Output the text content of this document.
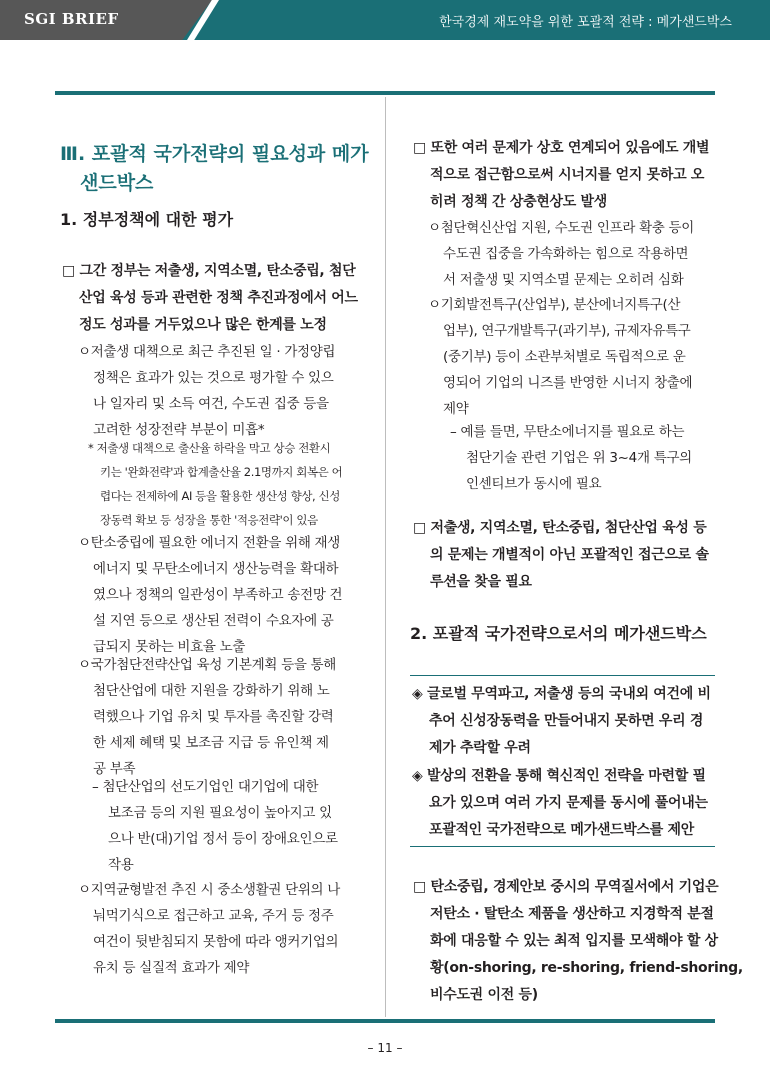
SGI BRIEF	한국경제 재도약을 위한 포괄적 전략 : 메가샌드박스
Ⅲ. 포괄적 국가전략의 필요성과 메가
샌드박스
1. 정부정책에 대한 평가
□ 그간 정부는 저출생, 지역소멸, 탄소중립, 첨단
산업 육성 등과 관련한 정책 추진과정에서 어느
정도 성과를 거두었으나 많은 한계를 노정
ㅇ저출생 대책으로 최근 추진된 일 · 가정양립
정책은 효과가 있는 것으로 평가할 수 있으
나 일자리 및 소득 여건, 수도권 집중 등을
고려한 성장전략 부분이 미흡*
* 저출생 대책으로 출산율 하락을 막고 상승 전환시
키는 '완화전략'과 합계출산율 2.1명까지 회복은 어
렵다는 전제하에 AI 등을 활용한 생산성 향상, 신성
장동력 확보 등 성장을 통한 '적응전략'이 있음
ㅇ탄소중립에 필요한 에너지 전환을 위해 재생
에너지 및 무탄소에너지 생산능력을 확대하
였으나 정책의 일관성이 부족하고 송전망 건
설 지연 등으로 생산된 전력이 수요자에 공
급되지 못하는 비효율 노출
ㅇ국가첨단전략산업 육성 기본계획 등을 통해
첨단산업에 대한 지원을 강화하기 위해 노
력했으나 기업 유치 및 투자를 촉진할 강력
한 세제 혜택 및 보조금 지급 등 유인책 제
공 부족
– 첨단산업의 선도기업인 대기업에 대한
보조금 등의 지원 필요성이 높아지고 있
으나 반(대)기업 정서 등이 장애요인으로
작용
ㅇ지역균형발전 추진 시 중소생활권 단위의 나
눠먹기식으로 접근하고 교육, 주거 등 정주
여건이 뒷받침되지 못함에 따라 앵커기업의
유치 등 실질적 효과가 제약
□ 또한 여러 문제가 상호 연계되어 있음에도 개별
적으로 접근함으로써 시너지를 얻지 못하고 오
히려 정책 간 상충현상도 발생
ㅇ첨단혁신산업 지원, 수도권 인프라 확충 등이
수도권 집중을 가속화하는 힘으로 작용하면
서 저출생 및 지역소멸 문제는 오히려 심화
ㅇ기회발전특구(산업부), 분산에너지특구(산
업부), 연구개발특구(과기부), 규제자유특구
(중기부) 등이 소관부처별로 독립적으로 운
영되어 기업의 니즈를 반영한 시너지 창출에
제약
– 예를 들면, 무탄소에너지를 필요로 하는
첨단기술 관련 기업은 위 3~4개 특구의
인센티브가 동시에 필요
□ 저출생, 지역소멸, 탄소중립, 첨단산업 육성 등
의 문제는 개별적이 아닌 포괄적인 접근으로 솔
루션을 찾을 필요
2. 포괄적 국가전략으로서의 메가샌드박스
◈ 글로벌 무역파고, 저출생 등의 국내외 여건에 비
추어 신성장동력을 만들어내지 못하면 우리 경
제가 추락할 우려
◈ 발상의 전환을 통해 혁신적인 전략을 마련할 필
요가 있으며 여러 가지 문제를 동시에 풀어내는
포괄적인 국가전략으로 메가샌드박스를 제안
□ 탄소중립, 경제안보 중시의 무역질서에서 기업은
저탄소 · 탈탄소 제품을 생산하고 지경학적 분절
화에 대응할 수 있는 최적 입지를 모색해야 할 상
황(on-shoring, re-shoring, friend-shoring,
비수도권 이전 등)
– 11 –
